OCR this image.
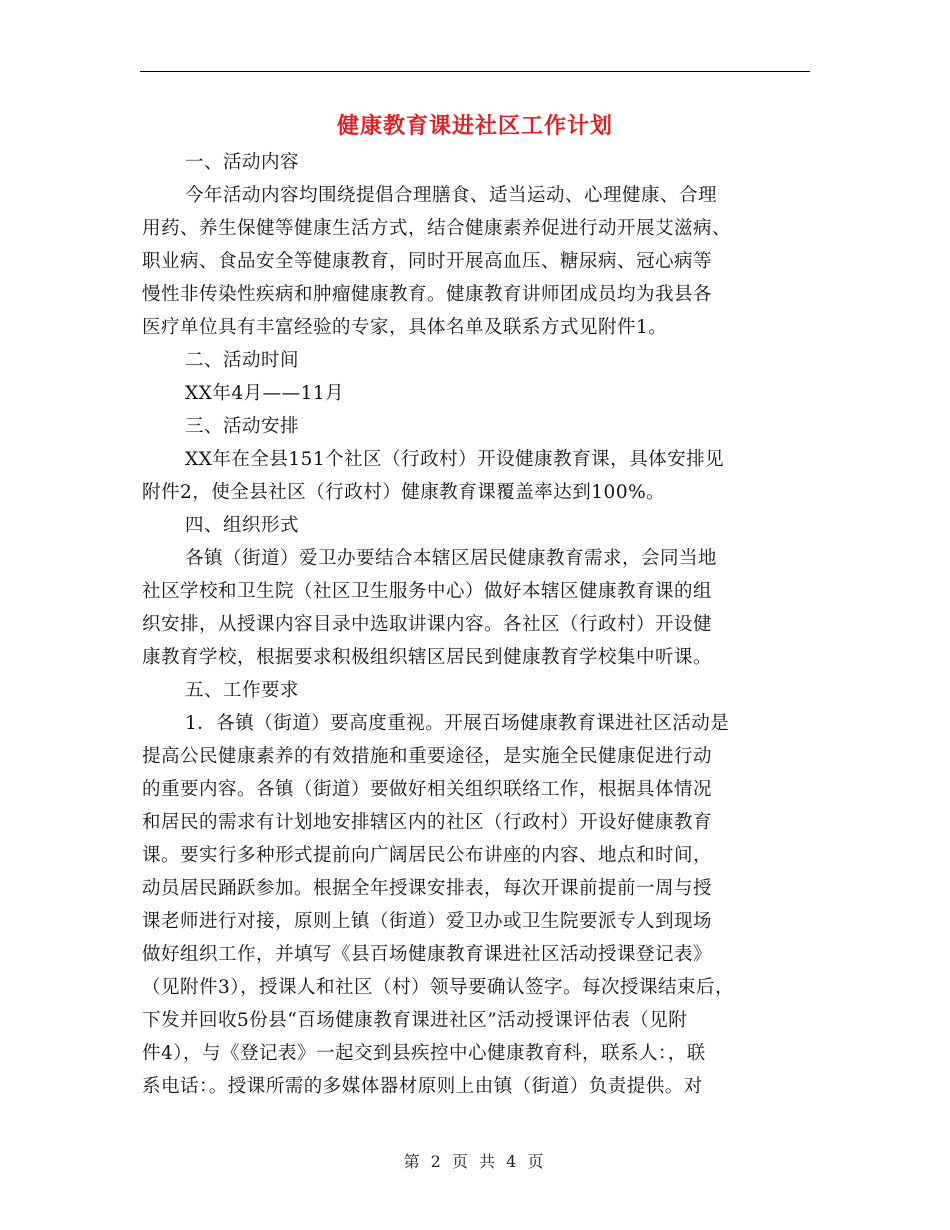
健康教育课进社区工作计划
一、活动内容
今年活动内容均围绕提倡合理膳食、适当运动、心理健康、合理
用药、养生保健等健康生活方式，结合健康素养促进行动开展艾滋病、
职业病、食品安全等健康教育，同时开展高血压、糖尿病、冠心病等
慢性非传染性疾病和肿瘤健康教育。健康教育讲师团成员均为我县各
医疗单位具有丰富经验的专家，具体名单及联系方式见附件1。
二、活动时间
XX年4月——11月
三、活动安排
XX年在全县151个社区（行政村）开设健康教育课，具体安排见
附件2，使全县社区（行政村）健康教育课覆盖率达到100%。
四、组织形式
各镇（街道）爱卫办要结合本辖区居民健康教育需求，会同当地
社区学校和卫生院（社区卫生服务中心）做好本辖区健康教育课的组
织安排，从授课内容目录中选取讲课内容。各社区（行政村）开设健
康教育学校，根据要求积极组织辖区居民到健康教育学校集中听课。
五、工作要求
1．各镇（街道）要高度重视。开展百场健康教育课进社区活动是
提高公民健康素养的有效措施和重要途径，是实施全民健康促进行动
的重要内容。各镇（街道）要做好相关组织联络工作，根据具体情况
和居民的需求有计划地安排辖区内的社区（行政村）开设好健康教育
课。要实行多种形式提前向广阔居民公布讲座的内容、地点和时间，
动员居民踊跃参加。根据全年授课安排表，每次开课前提前一周与授
课老师进行对接，原则上镇（街道）爱卫办或卫生院要派专人到现场
做好组织工作，并填写《县百场健康教育课进社区活动授课登记表》
（见附件3），授课人和社区（村）领导要确认签字。每次授课结束后，
下发并回收5份县“百场健康教育课进社区”活动授课评估表（见附
件4），与《登记表》一起交到县疾控中心健康教育科，联系人：，联
系电话：。授课所需的多媒体器材原则上由镇（街道）负责提供。对
第 2 页 共 4 页
